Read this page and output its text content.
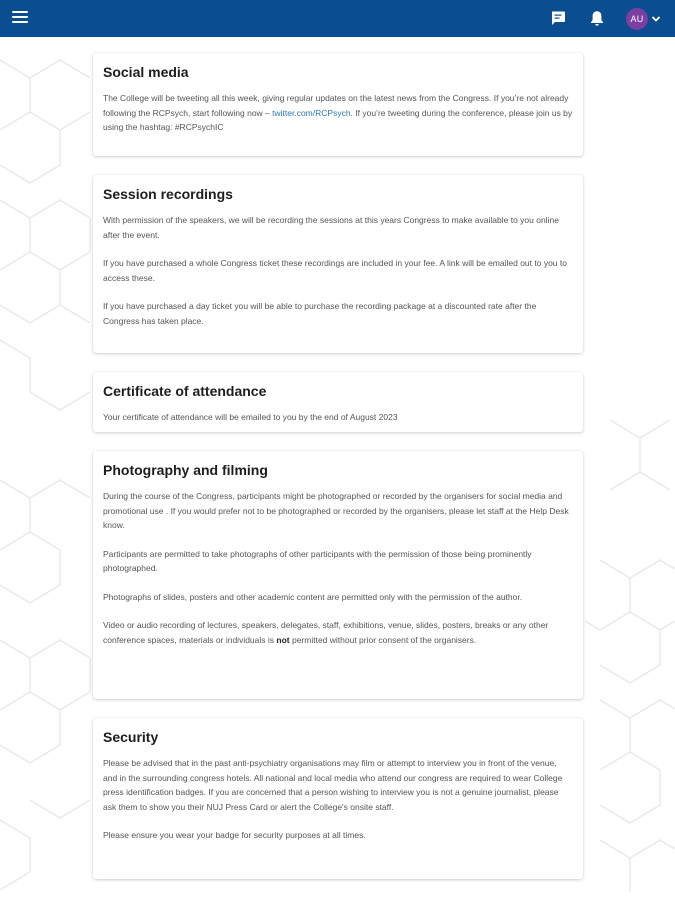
AU
Social media

The College will be tweeting all this week, giving regular updates on the latest news from the Congress. If you’re not already following the RCPsych, start following now – twitter.com/RCPsych. If you’re tweeting during the conference, please join us by using the hashtag: #RCPsychIC

Session recordings

With permission of the speakers, we will be recording the sessions at this years Congress to make available to you online after the event.

If you have purchased a whole Congress ticket these recordings are included in your fee. A link will be emailed out to you to access these.

If you have purchased a day ticket you will be able to purchase the recording package at a discounted rate after the Congress has taken place.

Certificate of attendance

Your certificate of attendance will be emailed to you by the end of August 2023

Photography and filming

During the course of the Congress, participants might be photographed or recorded by the organisers for social media and promotional use . If you would prefer not to be photographed or recorded by the organisers, please let staff at the Help Desk know.

Participants are permitted to take photographs of other participants with the permission of those being prominently photographed.

Photographs of slides, posters and other academic content are permitted only with the permission of the author.

Video or audio recording of lectures, speakers, delegates, staff, exhibitions, venue, slides, posters, breaks or any other conference spaces, materials or individuals is not permitted without prior consent of the organisers.

Security

Please be advised that in the past anti-psychiatry organisations may film or attempt to interview you in front of the venue, and in the surrounding congress hotels. All national and local media who attend our congress are required to wear College press identification badges. If you are concerned that a person wishing to interview you is not a genuine journalist, please ask them to show you their NUJ Press Card or alert the College's onsite staff.

Please ensure you wear your badge for security purposes at all times.
